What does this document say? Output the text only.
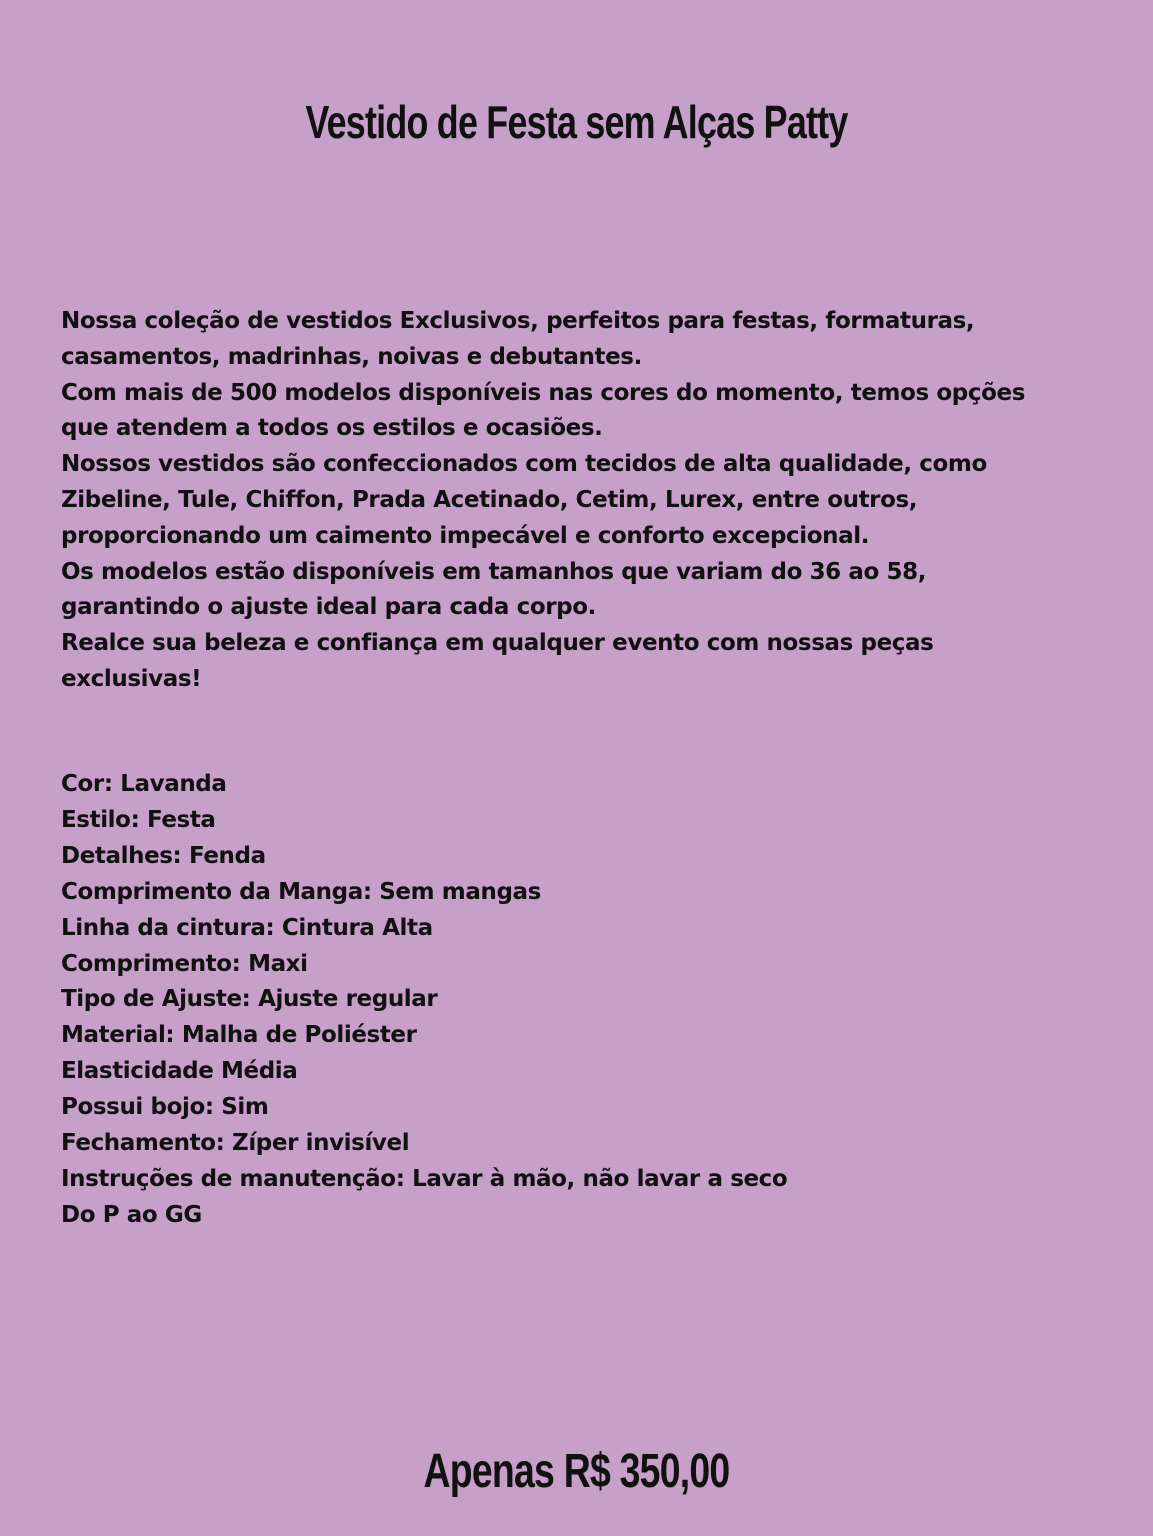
Vestido de Festa sem Alças Patty

Nossa coleção de vestidos Exclusivos, perfeitos para festas, formaturas, casamentos, madrinhas, noivas e debutantes.

Com mais de 500 modelos disponíveis nas cores do momento, temos opções que atendem a todos os estilos e ocasiões.

Nossos vestidos são confeccionados com tecidos de alta qualidade, como Zibeline, Tule, Chiffon, Prada Acetinado, Cetim, Lurex, entre outros, proporcionando um caimento impecável e conforto excepcional.

Os modelos estão disponíveis em tamanhos que variam do 36 ao 58, garantindo o ajuste ideal para cada corpo.

Realce sua beleza e confiança em qualquer evento com nossas peças exclusivas!

Cor: Lavanda
Estilo: Festa
Detalhes: Fenda
Comprimento da Manga: Sem mangas
Linha da cintura: Cintura Alta
Comprimento: Maxi
Tipo de Ajuste: Ajuste regular
Material: Malha de Poliéster
Elasticidade Média
Possui bojo: Sim
Fechamento: Zíper invisível
Instruções de manutenção: Lavar à mão, não lavar a seco
Do P ao GG
Apenas R$ 350,00
